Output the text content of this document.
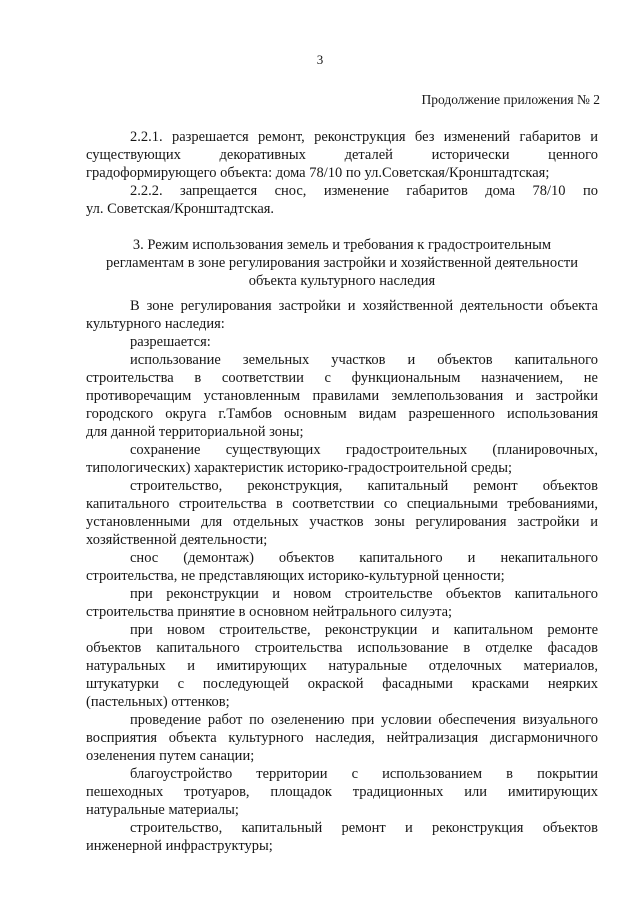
3
Продолжение приложения № 2
2.2.1. разрешается ремонт, реконструкция без изменений габаритов и
существующих декоративных деталей исторически ценного
градоформирующего объекта: дома 78/10 по ул.Советская/Кронштадтская;
2.2.2. запрещается снос, изменение габаритов дома 78/10 по
ул. Советская/Кронштадтская.
3. Режим использования земель и требования к градостроительным
регламентам в зоне регулирования застройки и хозяйственной деятельности
объекта культурного наследия
В зоне регулирования застройки и хозяйственной деятельности объекта
культурного наследия:
разрешается:
использование земельных участков и объектов капитального
строительства в соответствии с функциональным назначением, не
противоречащим установленным правилами землепользования и застройки
городского округа г.Тамбов основным видам разрешенного использования
для данной территориальной зоны;
сохранение существующих градостроительных (планировочных,
типологических) характеристик историко-градостроительной среды;
строительство, реконструкция, капитальный ремонт объектов
капитального строительства в соответствии со специальными требованиями,
установленными для отдельных участков зоны регулирования застройки и
хозяйственной деятельности;
снос (демонтаж) объектов капитального и некапитального
строительства, не представляющих историко-культурной ценности;
при реконструкции и новом строительстве объектов капитального
строительства принятие в основном нейтрального силуэта;
при новом строительстве, реконструкции и капитальном ремонте
объектов капитального строительства использование в отделке фасадов
натуральных и имитирующих натуральные отделочных материалов,
штукатурки с последующей окраской фасадными красками неярких
(пастельных) оттенков;
проведение работ по озеленению при условии обеспечения визуального
восприятия объекта культурного наследия, нейтрализация дисгармоничного
озеленения путем санации;
благоустройство территории с использованием в покрытии
пешеходных тротуаров, площадок традиционных или имитирующих
натуральные материалы;
строительство, капитальный ремонт и реконструкция объектов
инженерной инфраструктуры;
